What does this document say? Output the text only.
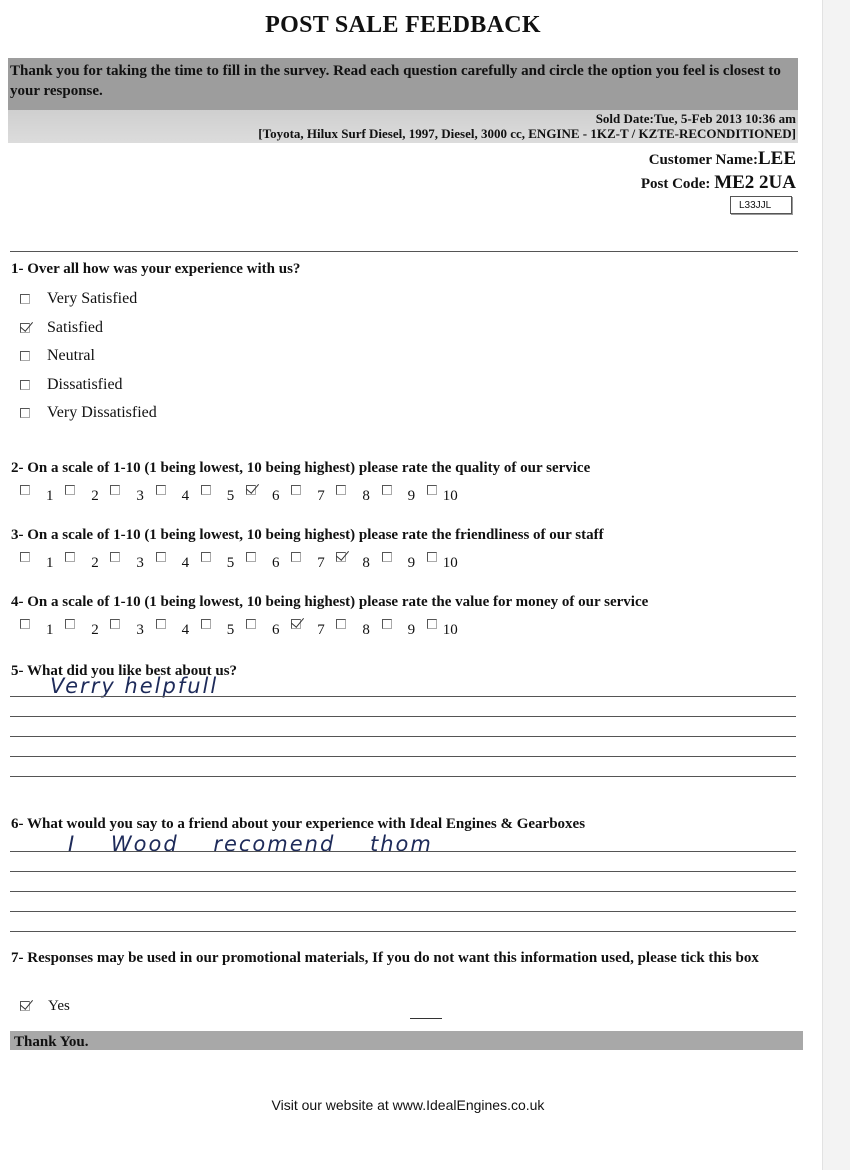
POST SALE FEEDBACK
Thank you for taking the time to fill in the survey. Read each question carefully and circle the option you feel is closest to your response.
Sold Date:Tue, 5-Feb 2013 10:36 am
[Toyota, Hilux Surf Diesel, 1997, Diesel, 3000 cc, ENGINE - 1KZ-T / KZTE-RECONDITIONED]
Customer Name:LEE
Post Code: ME2 2UA
L33JJL
1- Over all how was your experience with us?
Very Satisfied
Satisfied
Neutral
Dissatisfied
Very Dissatisfied
2- On a scale of 1-10 (1 being lowest, 10 being highest) please rate the quality of our service
1	2	3	4	5	6	7	8	9 10
3- On a scale of 1-10 (1 being lowest, 10 being highest) please rate the friendliness of our staff
1	2	3	4	5	6	7	8	9 10
4- On a scale of 1-10 (1 being lowest, 10 being highest) please rate the value for money of our service
1	2	3	4	5	6	7	8	9 10
5- What did you like best about us?
Verry helpfull
6- What would you say to a friend about your experience with Ideal Engines & Gearboxes
I Wood recomend thom
7- Responses may be used in our promotional materials, If you do not want this information used, please tick this box
Yes
Thank You.
Visit our website at www.IdealEngines.co.uk
